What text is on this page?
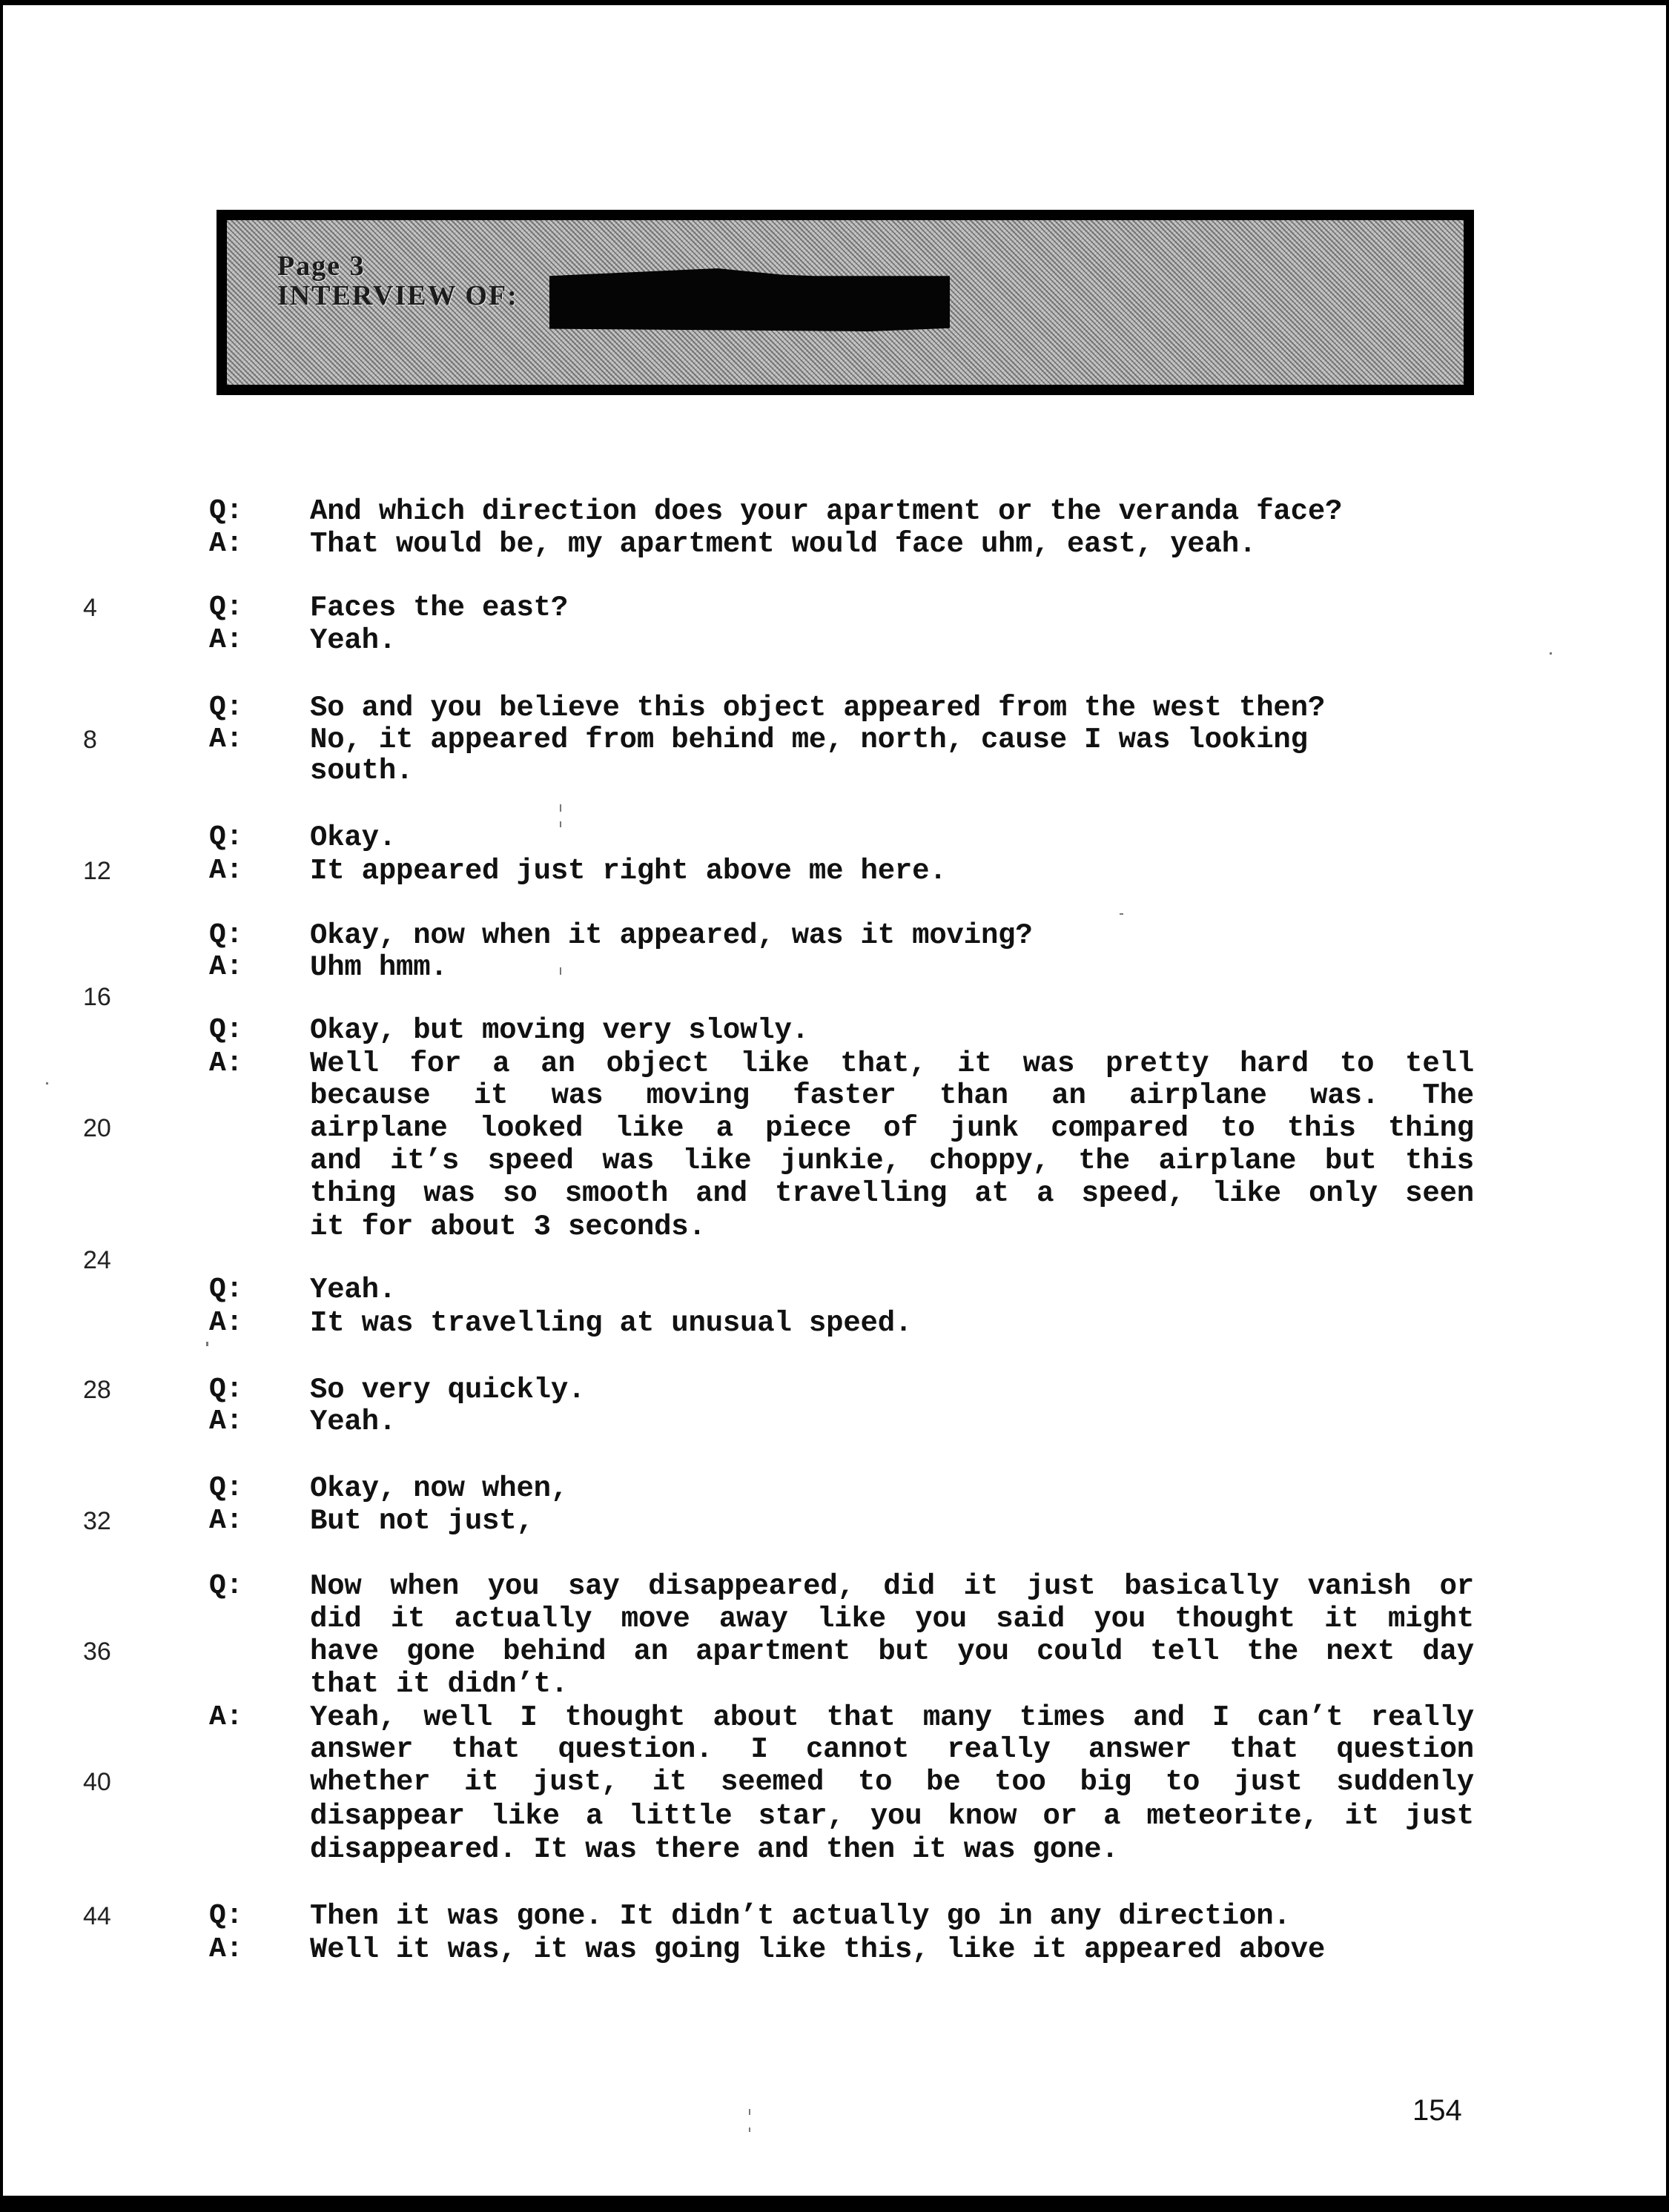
Page 3
INTERVIEW OF:
Q: And which direction does your apartment or the veranda face?
A: That would be, my apartment would face uhm, east, yeah.
4	Q: Faces the east?
A: Yeah.
Q: So and you believe this object appeared from the west then?
8	A: No, it appeared from behind me, north, cause I was looking
south.
Q: Okay.
12	A: It appeared just right above me here.
Q: Okay, now when it appeared, was it moving?
A: Uhm hmm.
16
Q: Okay, but moving very slowly.
A: Well for a an object like that, it was pretty hard to tell
because it was moving faster than an airplane was. The
20	airplane looked like a piece of junk compared to this thing
and it’s speed was like junkie, choppy, the airplane but this
thing was so smooth and travelling at a speed, like only seen
it for about 3 seconds.
24
Q: Yeah.
A: It was travelling at unusual speed.
28	Q: So very quickly.
A: Yeah.
Q: Okay, now when,
32	A: But not just,
Q: Now when you say disappeared, did it just basically vanish or
did it actually move away like you said you thought it might
36	have gone behind an apartment but you could tell the next day
that it didn’t.
A: Yeah, well I thought about that many times and I can’t really
answer that question. I cannot really answer that question
40	whether it just, it seemed to be too big to just suddenly
disappear like a little star, you know or a meteorite, it just
disappeared. It was there and then it was gone.
44	Q: Then it was gone. It didn’t actually go in any direction.
A: Well it was, it was going like this, like it appeared above
154
